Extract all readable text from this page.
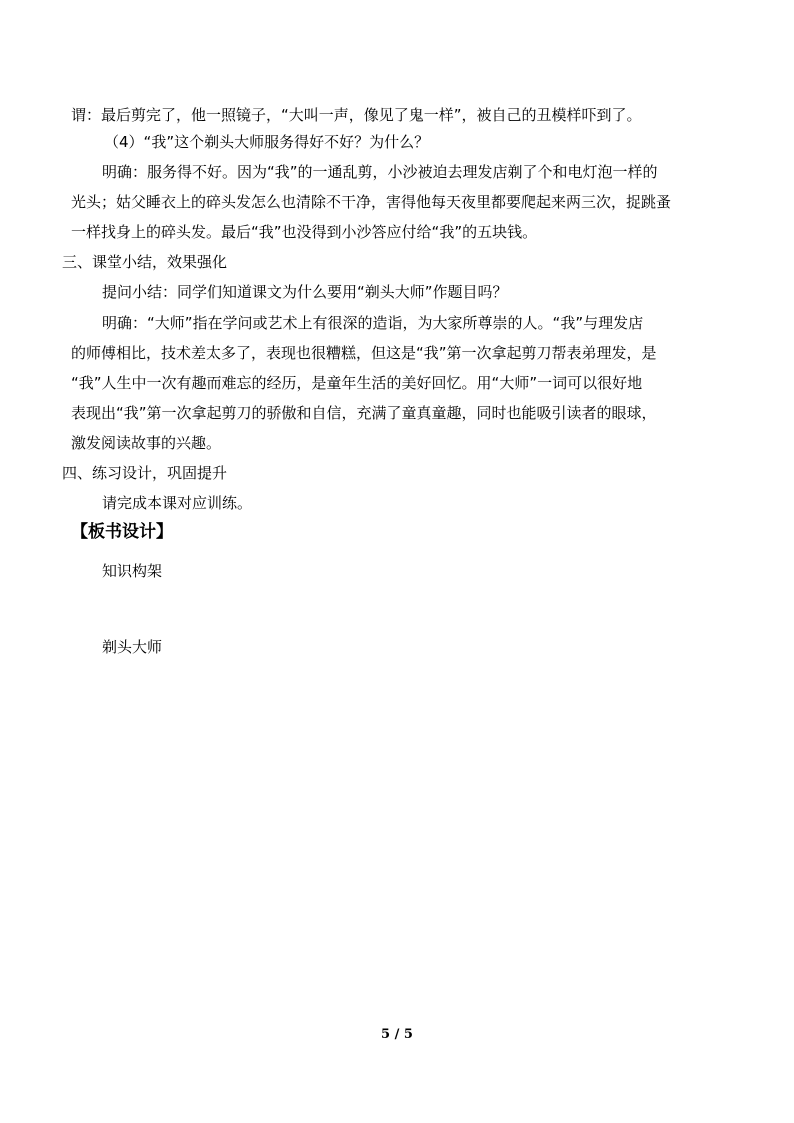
谓：最后剪完了，他一照镜子，“大叫一声，像见了鬼一样”，被自己的丑模样吓到了。
（4）“我”这个剃头大师服务得好不好？为什么？
明确：服务得不好。因为“我”的一通乱剪，小沙被迫去理发店剃了个和电灯泡一样的
光头；姑父睡衣上的碎头发怎么也清除不干净，害得他每天夜里都要爬起来两三次，捉跳蚤
一样找身上的碎头发。最后“我”也没得到小沙答应付给“我”的五块钱。
三、课堂小结，效果强化
提问小结：同学们知道课文为什么要用“剃头大师”作题目吗？
明确：“大师”指在学问或艺术上有很深的造诣，为大家所尊崇的人。“我”与理发店
的师傅相比，技术差太多了，表现也很糟糕，但这是“我”第一次拿起剪刀帮表弟理发，是
“我”人生中一次有趣而难忘的经历，是童年生活的美好回忆。用“大师”一词可以很好地
表现出“我”第一次拿起剪刀的骄傲和自信，充满了童真童趣，同时也能吸引读者的眼球，
激发阅读故事的兴趣。
四、练习设计，巩固提升
请完成本课对应训练。
【板书设计】
知识构架
剃头大师
5 / 5
